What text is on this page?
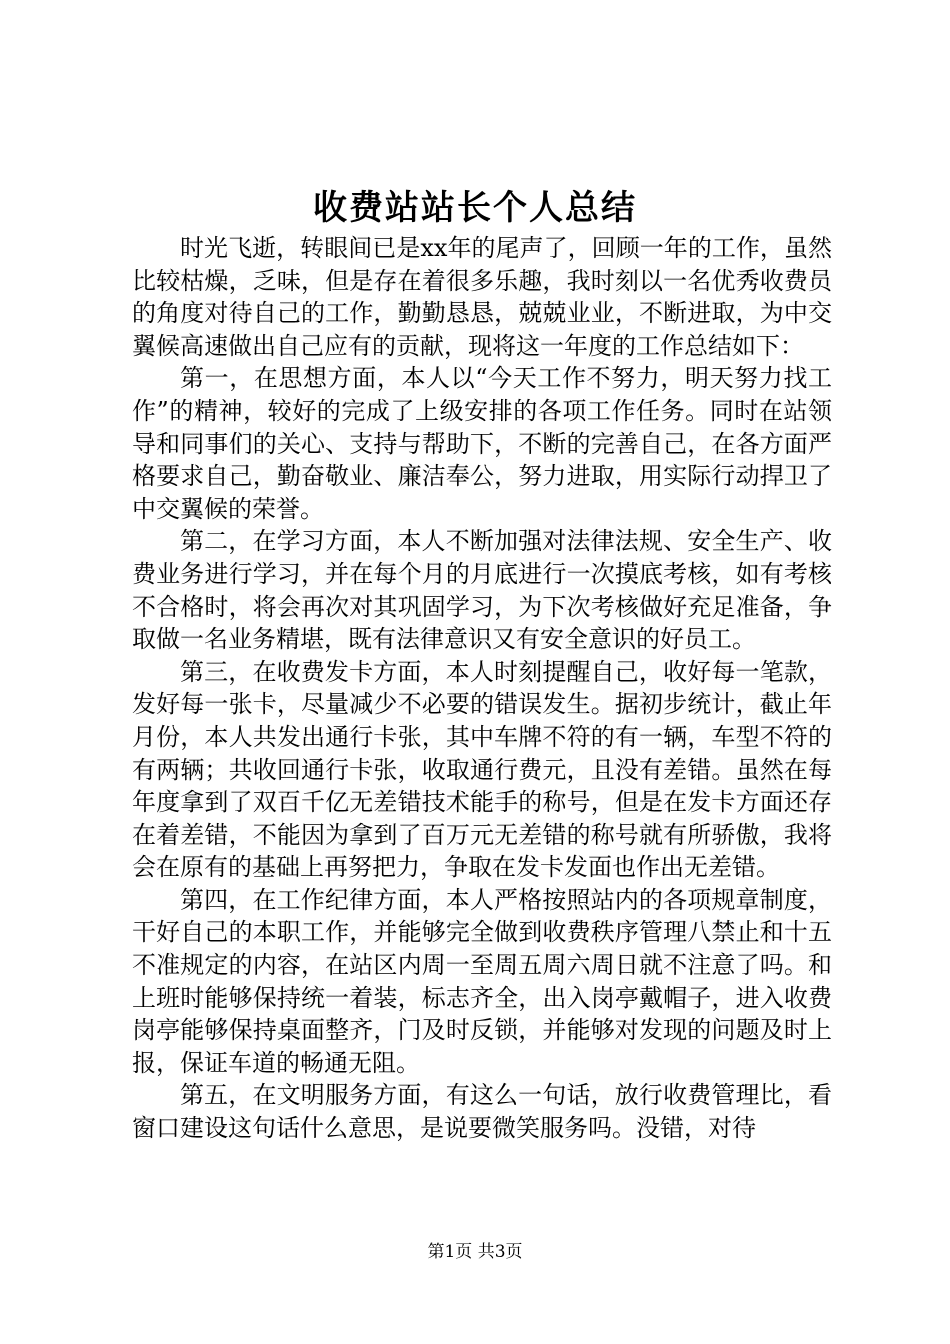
收费站站长个人总结

时光飞逝，转眼间已是xx年的尾声了，回顾一年的工作，虽然比较枯燥，乏味，但是存在着很多乐趣，我时刻以一名优秀收费员的角度对待自己的工作，勤勤恳恳，兢兢业业，不断进取，为中交翼候高速做出自己应有的贡献，现将这一年度的工作总结如下：

第一，在思想方面，本人以“今天工作不努力，明天努力找工作”的精神，较好的完成了上级安排的各项工作任务。同时在站领导和同事们的关心、支持与帮助下，不断的完善自己，在各方面严格要求自己，勤奋敬业、廉洁奉公，努力进取，用实际行动捍卫了中交翼候的荣誉。

第二，在学习方面，本人不断加强对法律法规、安全生产、收费业务进行学习，并在每个月的月底进行一次摸底考核，如有考核不合格时，将会再次对其巩固学习，为下次考核做好充足准备，争取做一名业务精堪，既有法律意识又有安全意识的好员工。

第三，在收费发卡方面，本人时刻提醒自己，收好每一笔款，发好每一张卡，尽量减少不必要的错误发生。据初步统计，截止年月份，本人共发出通行卡张，其中车牌不符的有一辆，车型不符的有两辆；共收回通行卡张，收取通行费元，且没有差错。虽然在每年度拿到了双百千亿无差错技术能手的称号，但是在发卡方面还存在着差错，不能因为拿到了百万元无差错的称号就有所骄傲，我将会在原有的基础上再努把力，争取在发卡发面也作出无差错。

第四，在工作纪律方面，本人严格按照站内的各项规章制度，干好自己的本职工作，并能够完全做到收费秩序管理八禁止和十五不准规定的内容，在站区内周一至周五周六周日就不注意了吗。和上班时能够保持统一着装，标志齐全，出入岗亭戴帽子，进入收费岗亭能够保持桌面整齐，门及时反锁，并能够对发现的问题及时上报，保证车道的畅通无阻。

第五，在文明服务方面，有这么一句话，放行收费管理比，看窗口建设这句话什么意思，是说要微笑服务吗。没错，对待

第1页 共3页
